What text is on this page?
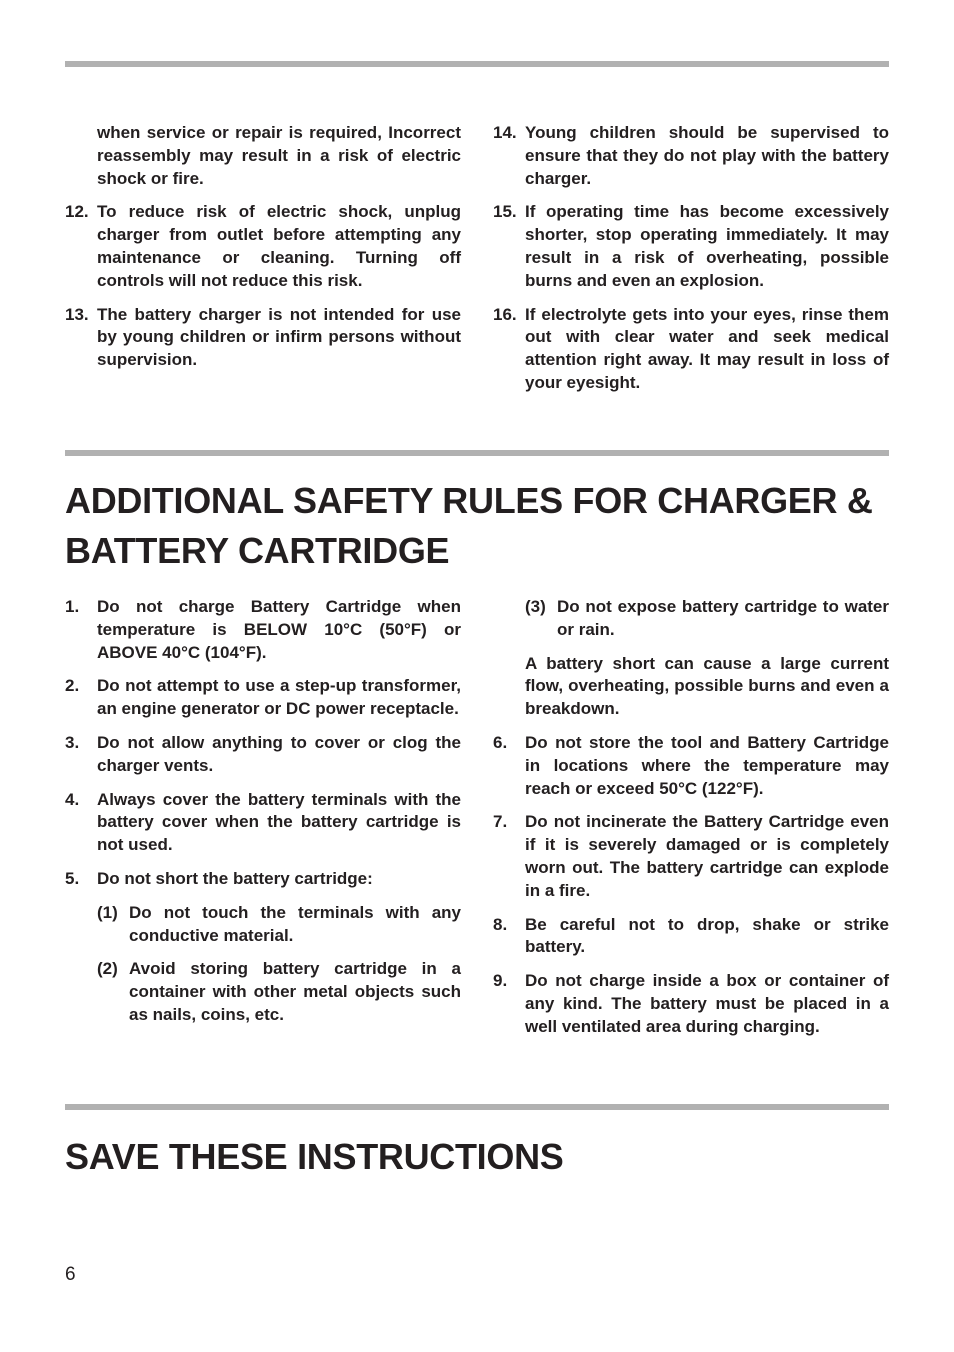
when service or repair is required, Incorrect reassembly may result in a risk of electric shock or fire.
12. To reduce risk of electric shock, unplug charger from outlet before attempting any maintenance or cleaning. Turning off controls will not reduce this risk.
13. The battery charger is not intended for use by young children or infirm persons without supervision.
14. Young children should be supervised to ensure that they do not play with the battery charger.
15. If operating time has become excessively shorter, stop operating immediately. It may result in a risk of overheating, possible burns and even an explosion.
16. If electrolyte gets into your eyes, rinse them out with clear water and seek medical attention right away. It may result in loss of your eyesight.
ADDITIONAL SAFETY RULES FOR CHARGER &
BATTERY CARTRIDGE
1. Do not charge Battery Cartridge when temperature is BELOW 10°C (50°F) or ABOVE 40°C (104°F).
2. Do not attempt to use a step-up transformer, an engine generator or DC power receptacle.
3. Do not allow anything to cover or clog the charger vents.
4. Always cover the battery terminals with the battery cover when the battery cartridge is not used.
5. Do not short the battery cartridge:
(1) Do not touch the terminals with any conductive material.
(2) Avoid storing battery cartridge in a container with other metal objects such as nails, coins, etc.
(3) Do not expose battery cartridge to water or rain.

A battery short can cause a large current flow, overheating, possible burns and even a breakdown.

6. Do not store the tool and Battery Cartridge in locations where the temperature may reach or exceed 50°C (122°F).
7. Do not incinerate the Battery Cartridge even if it is severely damaged or is completely worn out. The battery cartridge can explode in a fire.
8. Be careful not to drop, shake or strike battery.
9. Do not charge inside a box or container of any kind. The battery must be placed in a well ventilated area during charging.
SAVE THESE INSTRUCTIONS
6
